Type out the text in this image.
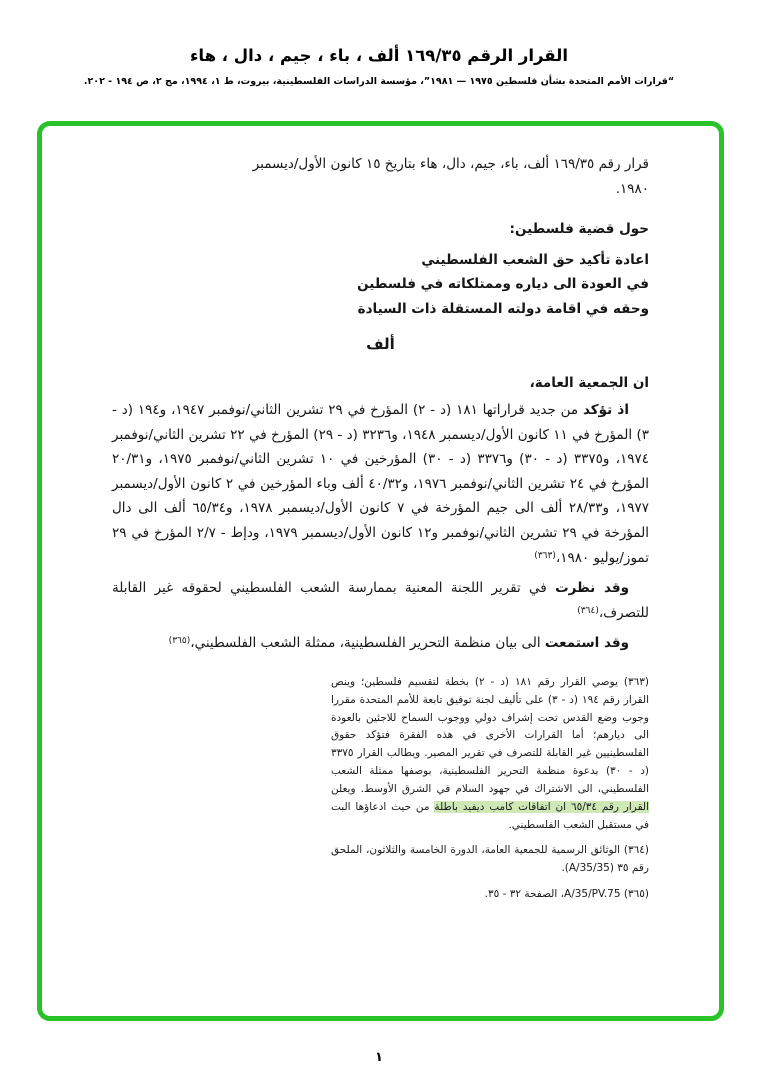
القرار الرقم ١٦٩/٣٥ ألف ، باء ، جيم ، دال ، هاء
“قرارات الأمم المتحدة بشأن فلسطين ١٩٧٥ — ١٩٨١”، مؤسسة الدراسات الفلسطينية، بيروت، ط ١، ١٩٩٤، مج ٢، ص ١٩٤ - ٢٠٢.

قرار رقم ١٦٩/٣٥ ألف، باء، جيم، دال، هاء بتاريخ ١٥ كانون الأول/ديسمبر ١٩٨٠.

حول قضية فلسطين:

اعادة تأكيد حق الشعب الفلسطيني
في العودة الى دياره وممتلكاته في فلسطين
وحقه في اقامة دولته المستقلة ذات السيادة
ألف

ان الجمعية العامة،

اذ تؤكد من جديد قراراتها ١٨١ (د - ٢) المؤرخ في ٢٩ تشرين الثاني/نوفمبر ١٩٤٧، و١٩٤ (د - ٣) المؤرخ في ١١ كانون الأول/ديسمبر ١٩٤٨، و٣٢٣٦ (د - ٢٩) المؤرخ في ٢٢ تشرين الثاني/نوفمبر ١٩٧٤، و٣٣٧٥ (د - ٣٠) و٣٣٧٦ (د - ٣٠) المؤرخين في ١٠ تشرين الثاني/نوفمبر ١٩٧٥، و٢٠/٣١ المؤرخ في ٢٤ تشرين الثاني/نوفمبر ١٩٧٦، و٤٠/٣٢ ألف وباء المؤرخين في ٢ كانون الأول/ديسمبر ١٩٧٧، و٢٨/٣٣ ألف الى جيم المؤرخة في ٧ كانون الأول/ديسمبر ١٩٧٨، و٦٥/٣٤ ألف الى دال المؤرخة في ٢٩ تشرين الثاني/نوفمبر و١٢ كانون الأول/ديسمبر ١٩٧٩، ودإط - ٢/٧ المؤرخ في ٢٩ تموز/يوليو ١٩٨٠،$^{(٣٦٣)}$

وقد نظرت في تقرير اللجنة المعنية بممارسة الشعب الفلسطيني لحقوقه غير القابلة للتصرف،$^{(٣٦٤)}$

وقد استمعت الى بيان منظمة التحرير الفلسطينية، ممثلة الشعب الفلسطيني،$^{(٣٦٥)}$

(٣٦٣) يوصي القرار رقم ١٨١ (د - ٢) بخطة لتقسيم فلسطين؛ وينص القرار رقم ١٩٤ (د - ٣) على تأليف لجنة توفيق تابعة للأمم المتحدة مقررا وجوب وضع القدس تحت إشراف دولي ووجوب السماح للاجئين بالعودة الى ديارهم؛ أما القرارات الأخرى في هذه الفقرة فتؤكد حقوق الفلسطينيين غير القابلة للتصرف في تقرير المصير. ويطالب القرار ٣٣٧٥ (د - ٣٠) بدعوة منظمة التحرير الفلسطينية، بوصفها ممثلة الشعب الفلسطيني، الى الاشتراك في جهود السلام في الشرق الأوسط. ويعلن القرار رقم ٦٥/٣٤ ان اتفاقات كامب ديفيد باطلة من حيث ادعاؤها البت في مستقبل الشعب الفلسطيني.

(٣٦٤) الوثائق الرسمية للجمعية العامة، الدورة الخامسة والثلاثون، الملحق رقم ٣٥ (A/35/35).

(٣٦٥) A/35/PV.75، الصفحة ٣٢ - ٣٥.

١
